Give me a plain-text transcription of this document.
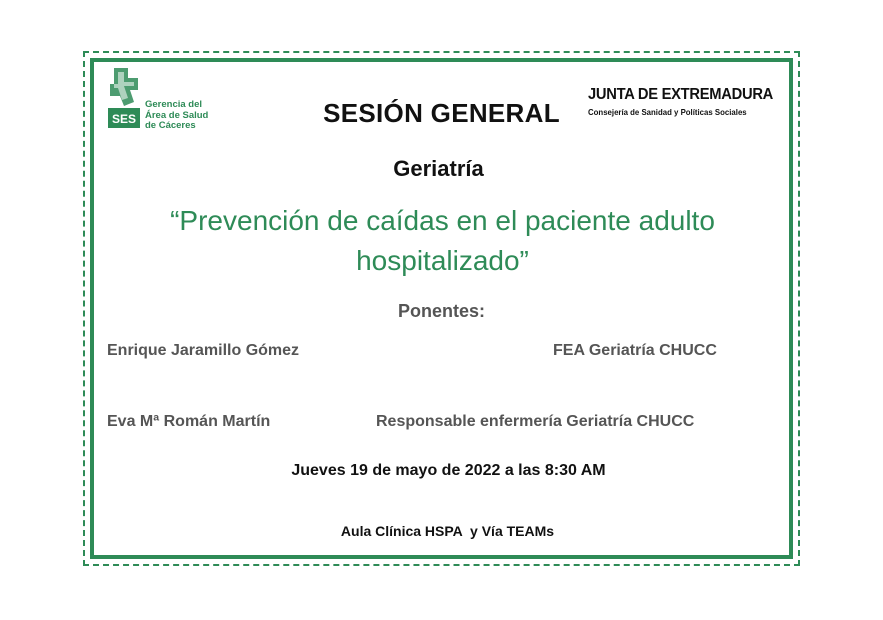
SES
Gerencia del
Área de Salud
de Cáceres
JUNTA DE EXTREMADURA
Consejería de Sanidad y Políticas Sociales
SESIÓN GENERAL
Geriatría
“Prevención de caídas en el paciente adulto hospitalizado”
Ponentes:
Enrique Jaramillo Gómez	FEA Geriatría CHUCC
Eva Mª Román Martín	Responsable enfermería Geriatría CHUCC
Jueves 19 de mayo de 2022 a las 8:30 AM
Aula Clínica HSPA  y Vía TEAMs
